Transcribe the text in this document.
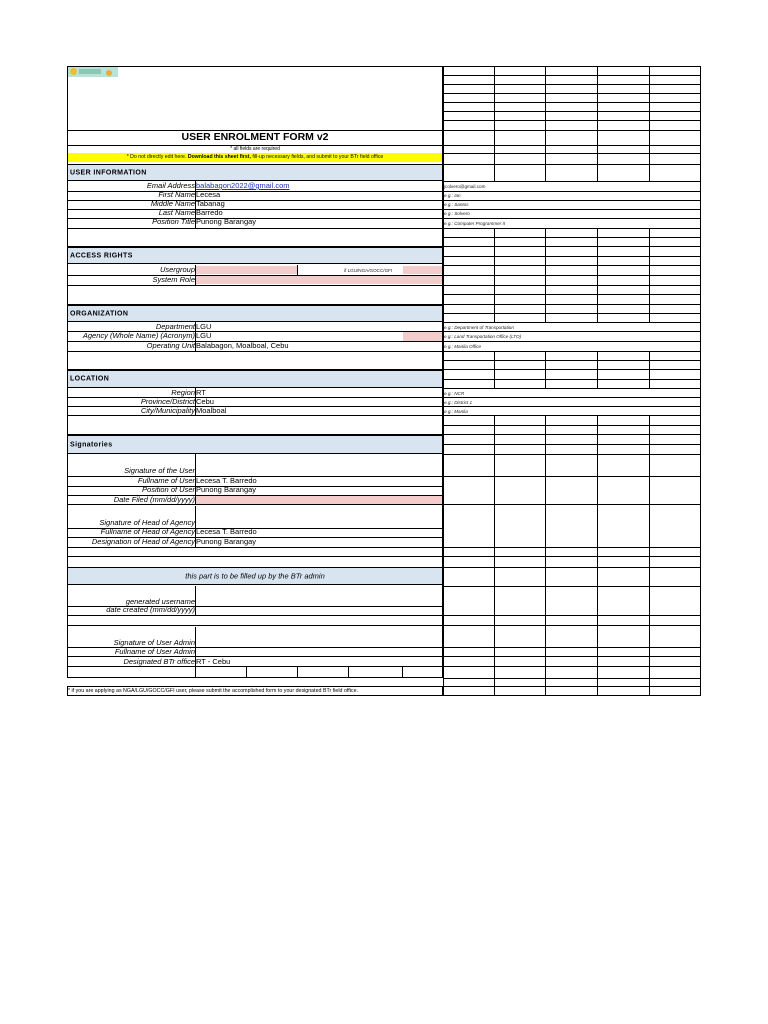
USER ENROLMENT FORM v2
* all fields are required
* Do not directly edit here. Download this sheet first, fill-up necessary fields, and submit to your BTr field office
USER INFORMATION
Email Address balabagon2022@gmail.com
First Name Lecesa
Middle Name Tabanag
Last Name Barredo
Position Title Punong Barangay
ACCESS RIGHTS
Usergroup	if LGU/NGA/GOCC/GFI
System Role
ORGANIZATION
Department LGU
Agency (Whole Name) (Acronym) LGU
Operating Unit Balabagon, Moalboal, Cebu
LOCATION
Region RT
Province/District Cebu
City/Municipality Moalboal
Signatories
Signature of the User
Fullname of User Lecesa T. Barredo
Position of User Punong Barangay
Date Filed (mm/dd/yyyy)
Signature of Head of Agency
Fullname of Head of Agency Lecesa T. Barredo
Designation of Head of Agency Punong Barangay
this part is to be filled up by the BTr admin
generated username
date created (mm/dd/yyyy)
Signature of User Admin
Fullname of User Admin
Designated BTr office RT - Cebu
* if you are applying as NGA/LGU/GOCC/GFI user, please submit the accomplished form to your designated BTr field office.
jcolvero@gmail.com
e.g.: Ian
e.g.: Santos
e.g.: Solvero
e.g.: Computer Programmer II
e.g.: Department of Transportation
e.g.: Land Transportation Office (LTO)
e.g.: Manila Office
e.g.: NCR
e.g.: District 1
e.g.: Manila
